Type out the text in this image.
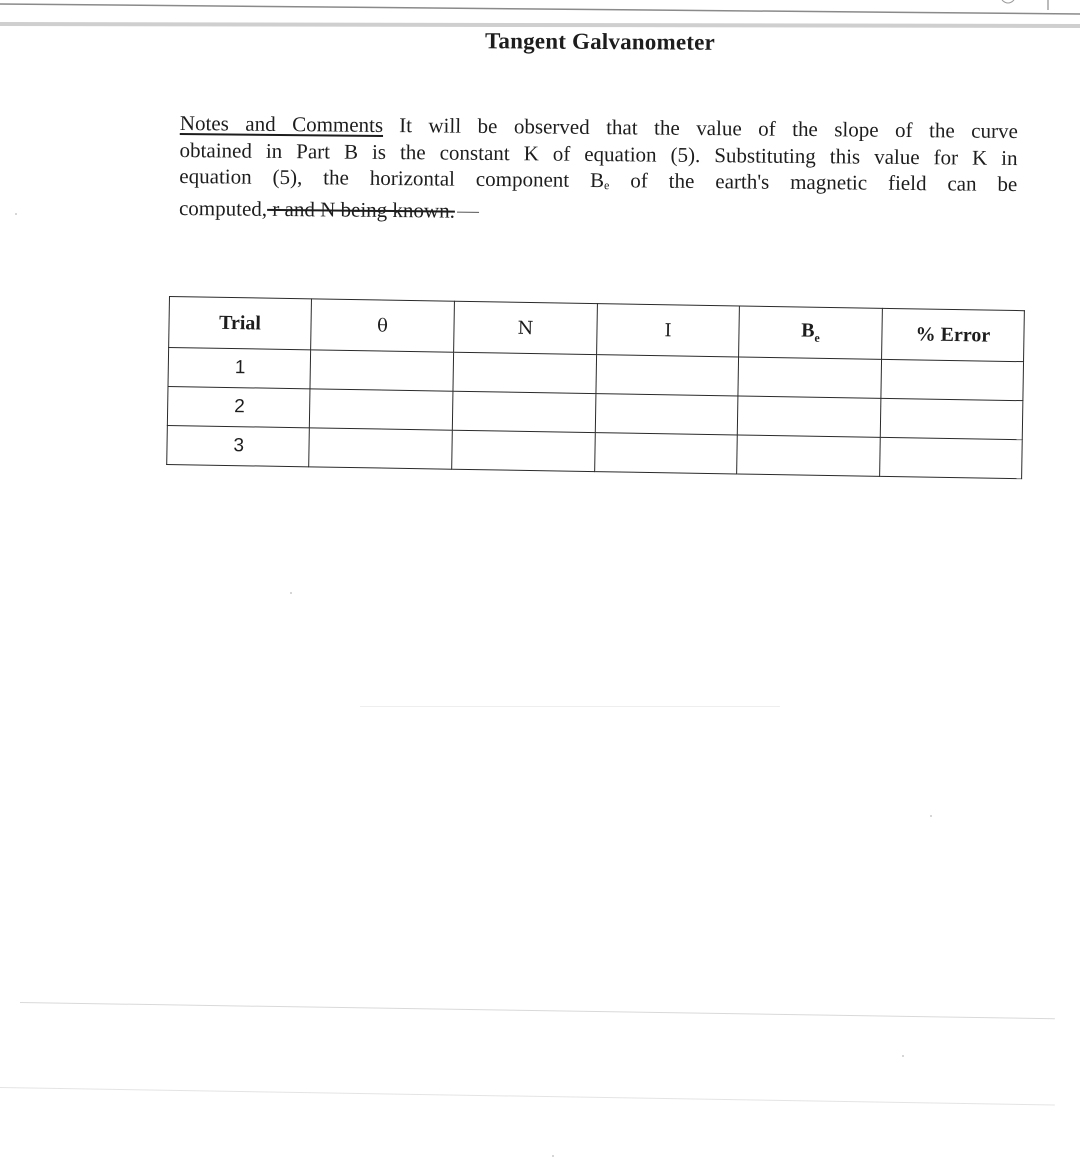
Tangent Galvanometer
Notes and Comments It will be observed that the value of the slope of the curve
obtained in Part B is the constant K of equation (5). Substituting this value for K in
equation (5), the horizontal component $B_e$ of the earth's magnetic field can be
computed, r and N being known.
Trial	θ	N	I	$B_e$	% Error
1					
2					
3					
